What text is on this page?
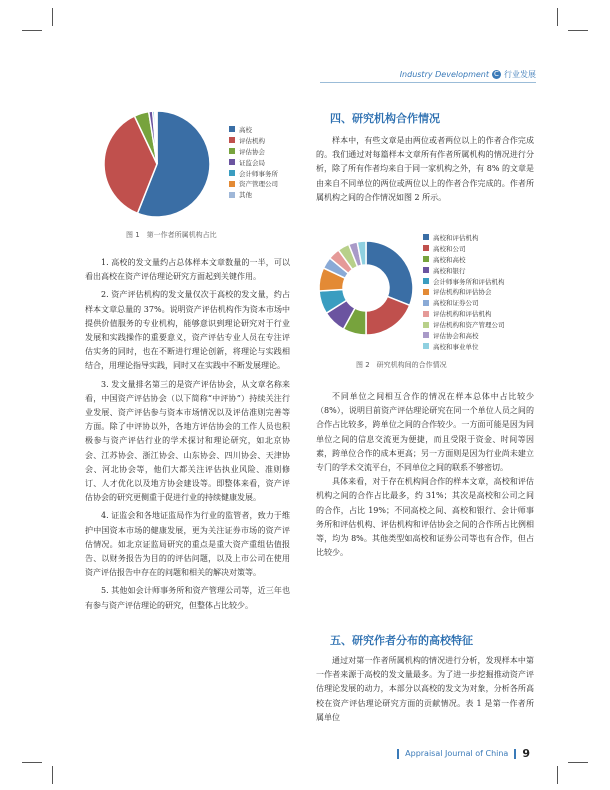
Industry Development C 行业发展
高校
评估机构
评估协会
证监会局
会计师事务所
资产管理公司
其他
图 1　第一作者所属机构占比

1. 高校的发文量约占总体样本文章数量的一半，可以看出高校在资产评估理论研究方面起到关键作用。

2. 资产评估机构的发文量仅次于高校的发文量，约占样本文章总量的 37%。说明资产评估机构作为资本市场中提供价值服务的专业机构，能够意识到理论研究对于行业发展和实践操作的重要意义，资产评估专业人员在专注评估实务的同时，也在不断进行理论创新，将理论与实践相结合，用理论指导实践，同时又在实践中不断发展理论。

3. 发文量排名第三的是资产评估协会，从文章名称来看，中国资产评估协会（以下简称“中评协”）持续关注行业发展、资产评估参与资本市场情况以及评估准则完善等方面。除了中评协以外，各地方评估协会的工作人员也积极参与资产评估行业的学术探讨和理论研究，如北京协会、江苏协会、浙江协会、山东协会、四川协会、天津协会、河北协会等，他们大都关注评估执业风险、准则修订、人才优化以及地方协会建设等。即整体来看，资产评估协会的研究更侧重于促进行业的持续健康发展。

4. 证监会和各地证监局作为行业的监管者，致力于维护中国资本市场的健康发展，更为关注证券市场的资产评估情况。如北京证监局研究的重点是重大资产重组估值报告、以财务报告为目的的评估问题，以及上市公司在使用资产评估报告中存在的问题和相关的解决对策等。

5. 其他如会计师事务所和资产管理公司等，近三年也有参与资产评估理论的研究，但整体占比较少。

四、研究机构合作情况

样本中，有些文章是由两位或者两位以上的作者合作完成的。我们通过对每篇样本文章所有作者所属机构的情况进行分析，除了所有作者均来自于同一家机构之外，有 8% 的文章是由来自不同单位的两位或两位以上的作者合作完成的。作者所属机构之间的合作情况如图 2 所示。

高校和评估机构
高校和公司
高校和高校
高校和银行
会计师事务所和评估机构
评估机构和评估协会
高校和证券公司
评估机构和评估机构
评估机构和资产管理公司
评估协会和高校
高校和事业单位
图 2　研究机构间的合作情况

不同单位之间相互合作的情况在样本总体中占比较少（8%），说明目前资产评估理论研究在同一个单位人员之间的合作占比较多，跨单位之间的合作较少。一方面可能是因为同单位之间的信息交流更为便捷，而且受限于资金、时间等因素，跨单位合作的成本更高；另一方面则是因为行业尚未建立专门的学术交流平台，不同单位之间的联系不够密切。

具体来看，对于存在机构间合作的样本文章，高校和评估机构之间的合作占比最多，约 31%；其次是高校和公司之间的合作，占比 19%；不同高校之间、高校和银行、会计师事务所和评估机构、评估机构和评估协会之间的合作所占比例相等，均为 8%。其他类型如高校和证券公司等也有合作，但占比较少。

五、研究作者分布的高校特征

通过对第一作者所属机构的情况进行分析，发现样本中第一作者来源于高校的发文量最多。为了进一步挖掘推动资产评估理论发展的动力，本部分以高校的发文为对象，分析各所高校在资产评估理论研究方面的贡献情况。表 1 是第一作者所属单位

Appraisal Journal of China 9
